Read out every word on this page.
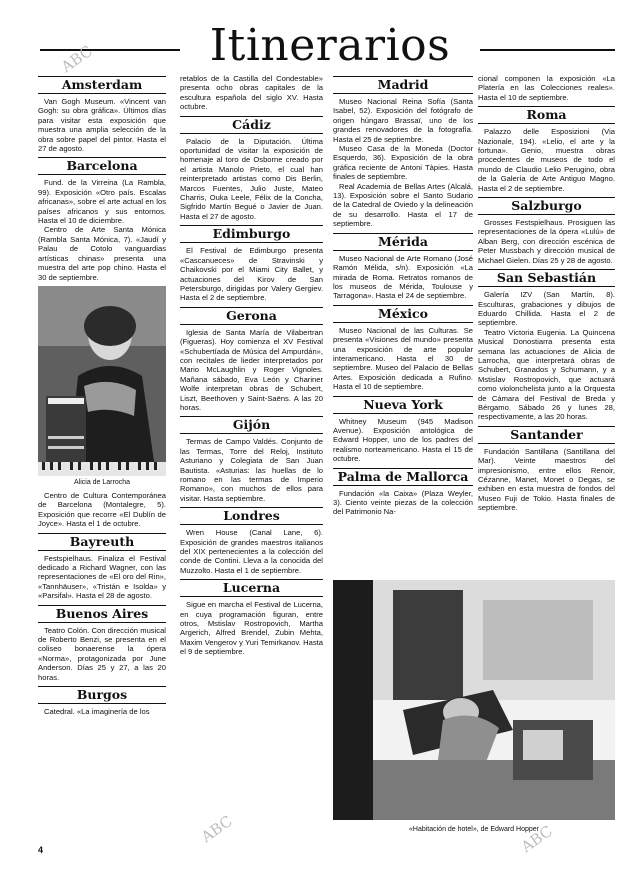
Itinerarios
Amsterdam

Van Gogh Museum. «Vincent van Gogh: su obra gráfica». Últimos días para visitar esta exposición que muestra una amplia selección de la obra sobre papel del pintor. Hasta el 27 de agosto.

Barcelona

Fund. de la Virreina (La Rambla, 99). Exposición «Otro país. Escalas africanas», sobre el arte actual en los países africanos y sus entornos. Hasta el 10 de diciembre.

Centro de Arte Santa Mónica (Rambla Santa Mónica, 7). «Jaudí y Palau de Cotolo vanguardias artísticas chinas» presenta una muestra del arte pop chino. Hasta el 30 de septiembre.

Alicia de Larrocha

Centro de Cultura Contemporánea de Barcelona (Montalegre, 5). Exposición que recorre «El Dublín de Joyce». Hasta el 1 de octubre.

Bayreuth

Festspielhaus. Finaliza el Festival dedicado a Richard Wagner, con las representaciones de «El oro del Rin», «Tannhäuser», «Tristán e Isolda» y «Parsifal». Hasta el 28 de agosto.

Buenos Aires

Teatro Colón. Con dirección musical de Roberto Benzi, se presenta en el coliseo bonaerense la ópera «Norma», protagonizada por June Anderson. Días 25 y 27, a las 20 horas.

Burgos

Catedral. «La imaginería de los

retablos de la Castilla del Condestable» presenta ocho obras capitales de la escultura española del siglo XV. Hasta octubre.

Cádiz

Palacio de la Diputación. Última oportunidad de visitar la exposición de homenaje al toro de Osborne creado por el artista Manolo Prieto, el cual han reinterpretado artistas como Dis Berlin, Marcos Fuentes, Julio Juste, Mateo Charris, Ouka Leele, Félix de la Concha, Sigfrido Martín Begué o Javier de Juan. Hasta el 27 de agosto.

Edimburgo

El Festival de Edimburgo presenta «Cascanueces» de Stravinski y Chaikovski por el Miami City Ballet, y actuaciones del Kirov de San Petersburgo, dirigidas por Valery Gergiev. Hasta el 2 de septiembre.

Gerona

Iglesia de Santa María de Vilabertran (Figueras). Hoy comienza el XV Festival «Schubertíada de Música del Ampurdán», con recitales de lieder interpretados por Mario McLaughlin y Roger Vignoles. Mañana sábado, Eva León y Chariner Wolfe interpretan obras de Schubert, Liszt, Beethoven y Saint-Saëns. A las 20 horas.

Gijón

Termas de Campo Valdés. Conjunto de las Termas, Torre del Reloj, Instituto Asturiano y Colegiata de San Juan Bautista. «Asturias: las huellas de lo romano en las termas de Imperio Romano», con muchos de ellos para visitar. Hasta septiembre.

Londres

Wren House (Canal Lane, 6). Exposición de grandes maestros italianos del XIX pertenecientes a la colección del conde de Contini. Lleva a la conocida del Muzzolto. Hasta el 1 de septiembre.

Lucerna

Sigue en marcha el Festival de Lucerna, en cuya programación figuran, entre otros, Mstislav Rostropovich, Martha Argerich, Alfred Brendel, Zubin Mehta, Maxim Vengerov y Yuri Temirkanov. Hasta el 9 de septiembre.

Madrid

Museo Nacional Reina Sofía (Santa Isabel, 52). Exposición del fotógrafo de origen húngaro Brassaï, uno de los grandes renovadores de la fotografía. Hasta el 25 de septiembre.

Museo Casa de la Moneda (Doctor Esquerdo, 36). Exposición de la obra gráfica reciente de Antoni Tàpies. Hasta finales de septiembre.

Real Academia de Bellas Artes (Alcalá, 13). Exposición sobre el Santo Sudario de la Catedral de Oviedo y la delineación de su desarrollo. Hasta el 17 de septiembre.

Mérida

Museo Nacional de Arte Romano (José Ramón Mélida, s/n). Exposición «La mirada de Roma. Retratos romanos de los museos de Mérida, Toulouse y Tarragona». Hasta el 24 de septiembre.

México

Museo Nacional de las Culturas. Se presenta «Visiones del mundo» presenta una exposición de arte popular interamericano. Hasta el 30 de septiembre. Museo del Palacio de Bellas Artes. Exposición dedicada a Rufino. Hasta el 10 de septiembre.

Nueva York

Whitney Museum (945 Madison Avenue). Exposición antológica de Edward Hopper, uno de los padres del realismo norteamericano. Hasta el 15 de octubre.

Palma de Mallorca

Fundación «la Caixa» (Plaza Weyler, 3). Ciento veinte piezas de la colección del Patrimonio Na-

cional componen la exposición «La Platería en las Colecciones reales». Hasta el 10 de septiembre.

Roma

Palazzo delle Esposizioni (Via Nazionale, 194). «Lelio, el arte y la fortuna». Genio, muestra obras procedentes de museos de todo el mundo de Claudio Lelio Perugino, obra de la Galería de Arte Antiguo Magno. Hasta el 2 de septiembre.

Salzburgo

Grosses Festspielhaus. Prosiguen las representaciones de la ópera «Lulú» de Alban Berg, con dirección escénica de Peter Mussbach y dirección musical de Michael Gielen. Días 25 y 28 de agosto.

San Sebastián

Galería IZV (San Martín, 8). Esculturas, grabaciones y dibujos de Eduardo Chillida. Hasta el 2 de septiembre.

Teatro Victoria Eugenia. La Quincena Musical Donostiarra presenta esta semana las actuaciones de Alicia de Larrocha, que interpretará obras de Schubert, Granados y Schumann, y a Mstislav Rostropovich, que actuará como violonchelista junto a la Orquesta de Cámara del Festival de Breda y Bérgamo. Sábado 26 y lunes 28, respectivamente, a las 20 horas.

Santander

Fundación Santillana (Santillana del Mar). Veinte maestros del impresionismo, entre ellos Renoir, Cézanne, Manet, Monet o Degas, se exhiben en esta muestra de fondos del Museo Fuji de Tokio. Hasta finales de septiembre.

«Habitación de hotel», de Edward Hopper
4
ABC
ABC	ABC
